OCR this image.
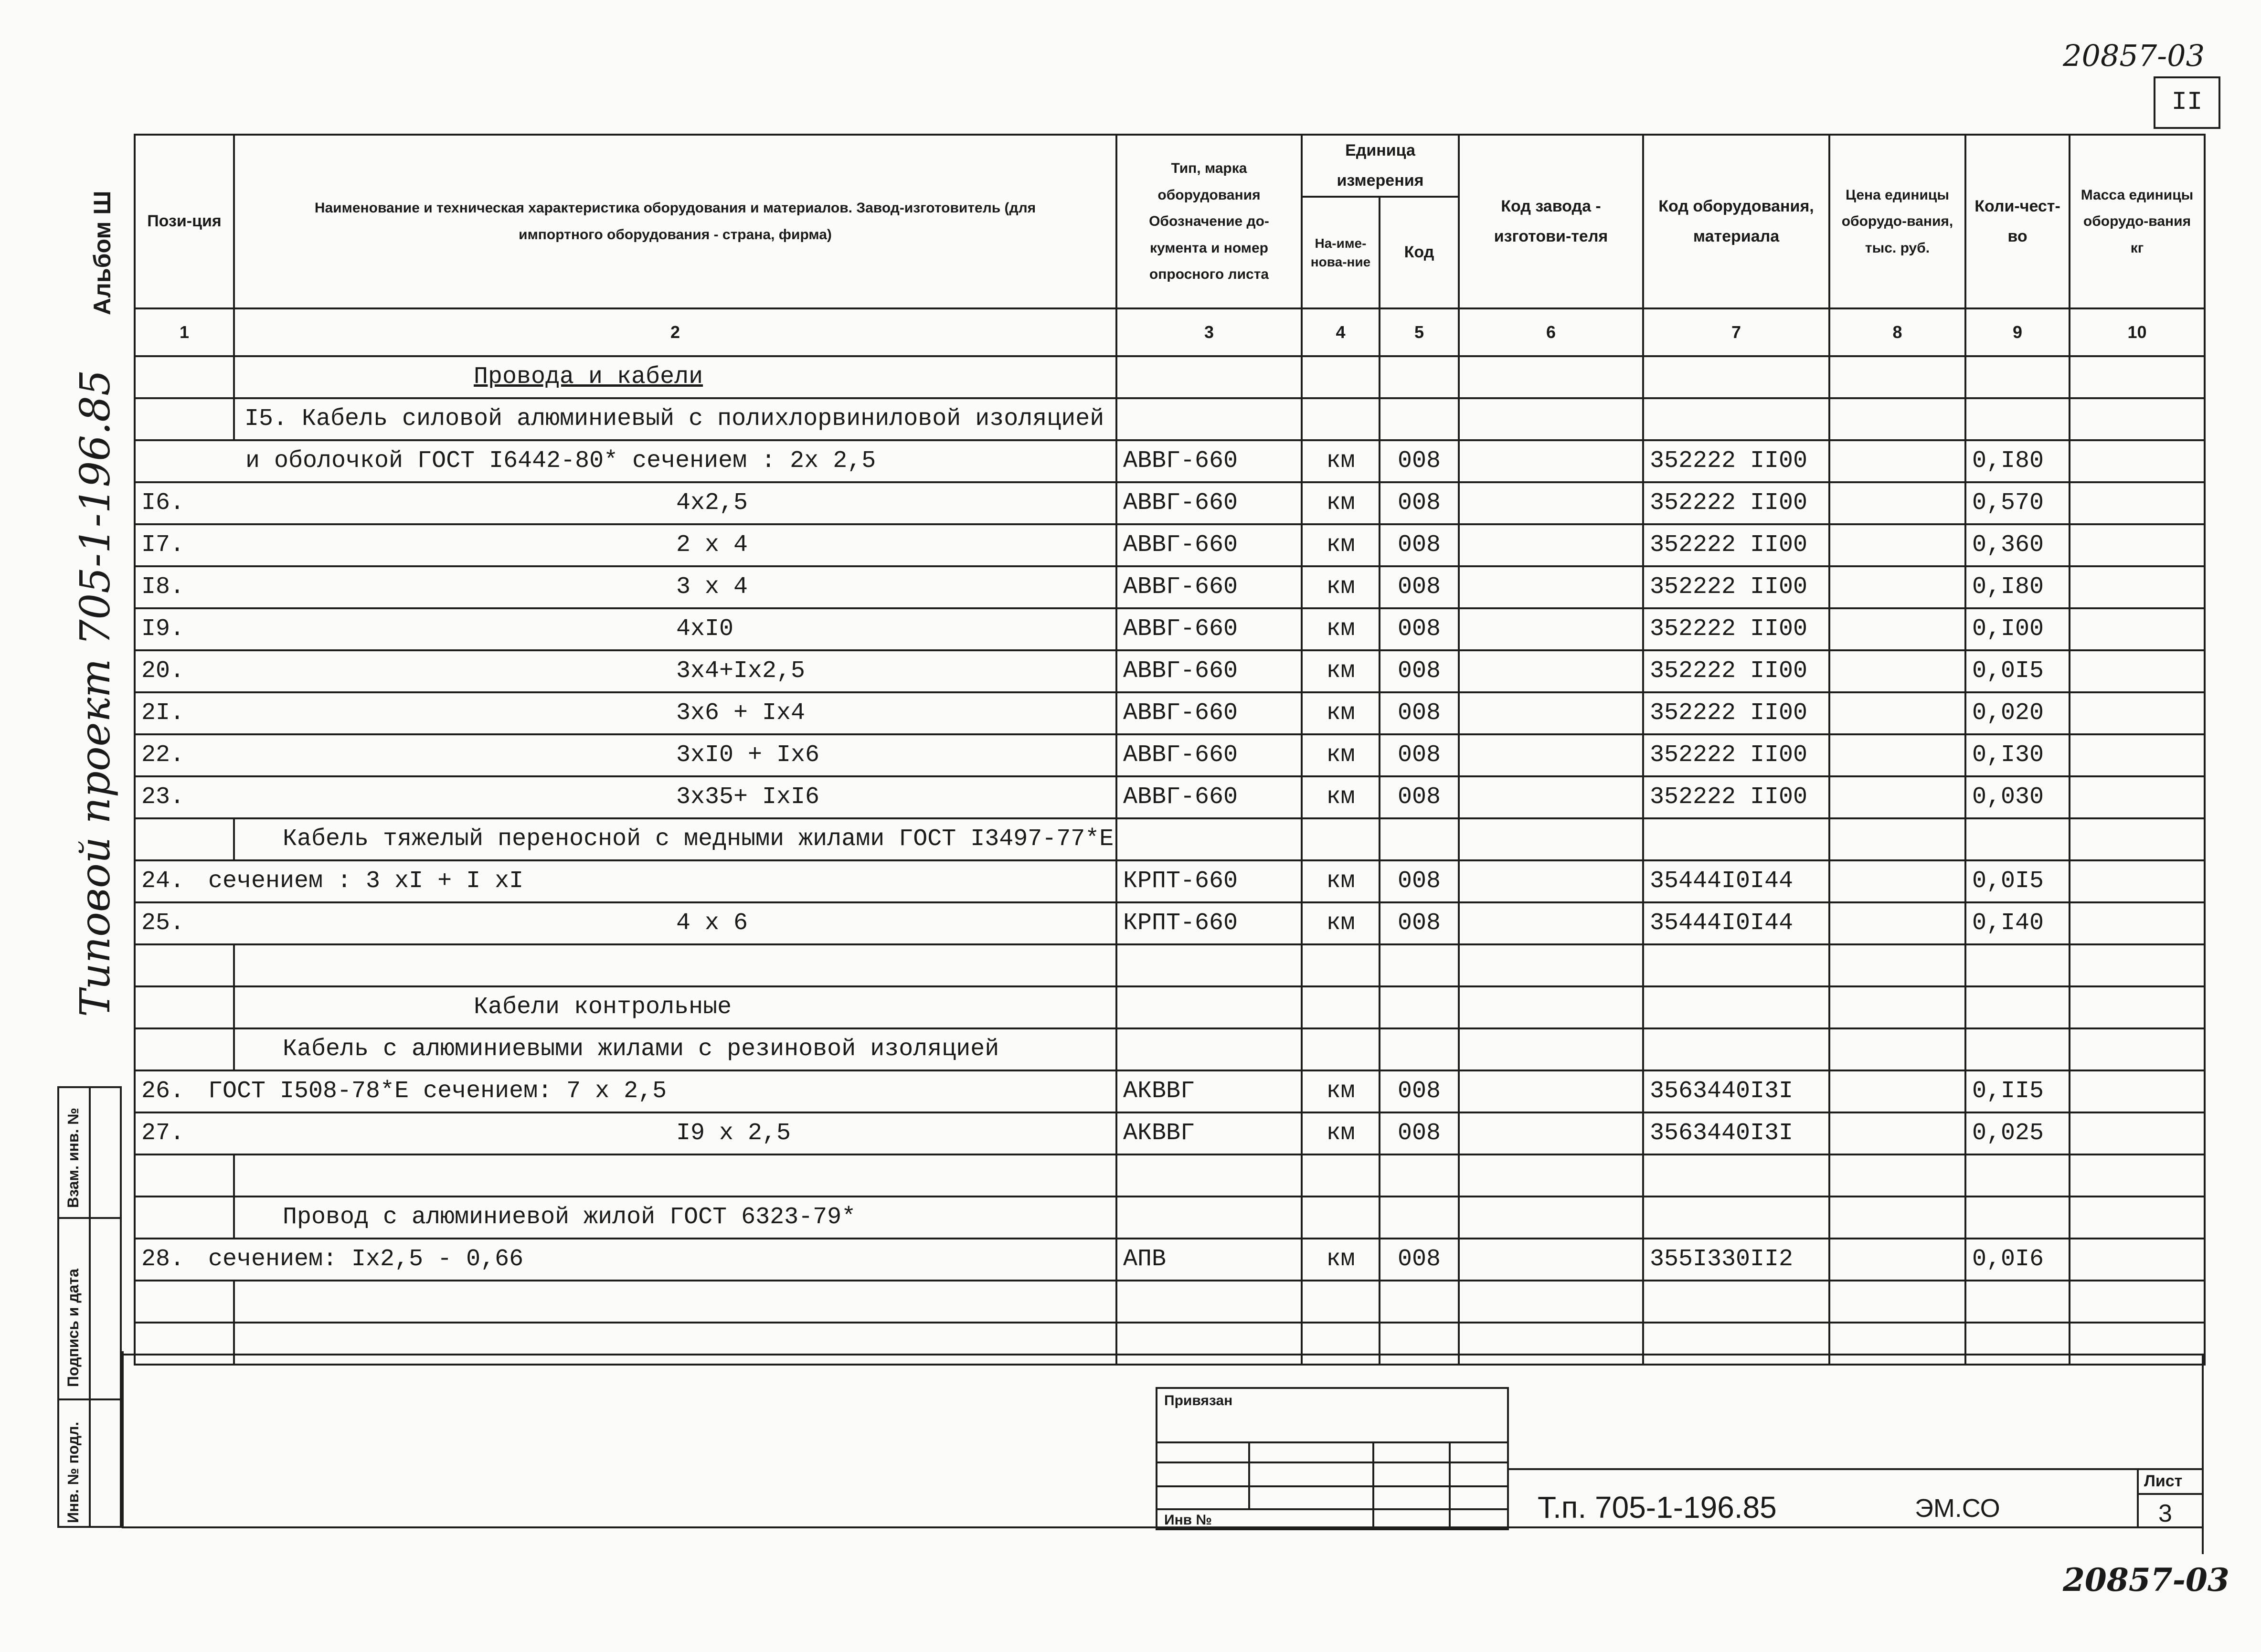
20857-03
20857-03
II
Альбом Ш
Типовой проект 705-1-196.85
Инв. № подл.
Подпись и дата
Взам. инв. №
Пози-ция	Наименование и техническая характеристика оборудования и материалов. Завод-изготовитель (для импортного оборудования - страна, фирма)	Тип, марка оборудования Обозначение до-кумента и номер опросного листа	Единица измерения		Код завода - изготови-теля	Код оборудования, материала	Цена единицы оборудо-вания, тыс. руб.	Коли-чест-во	Масса единицы оборудо-вания кг
			На-име-нова-ние	Код					
1	2	3	4	5	6	7	8	9	10
	Провода и кабели								
	I5. Кабель силовой алюминиевый с полихлорвиниловой изоляцией								
и оболочкой ГОСТ I6442-80* сечением : 2х 2,5		АВВГ-660	км	008		352222 II00		0,I80	
I6. 4х2,5		АВВГ-660	км	008		352222 II00		0,570	
I7. 2 х 4		АВВГ-660	км	008		352222 II00		0,360	
I8. 3 х 4		АВВГ-660	км	008		352222 II00		0,I80	
I9. 4хI0		АВВГ-660	км	008		352222 II00		0,I00	
20. 3х4+Iх2,5		АВВГ-660	км	008		352222 II00		0,0I5	
2I. 3х6 + Iх4		АВВГ-660	км	008		352222 II00		0,020	
22. 3хI0 + Iх6		АВВГ-660	км	008		352222 II00		0,I30	
23. 3х35+ IхI6		АВВГ-660	км	008		352222 II00		0,030	
	Кабель тяжелый переносной с медными жилами ГОСТ I3497-77*Е								
24. сечением : 3 хI + I хI		КРПТ-660	км	008		35444I0I44		0,0I5	
25. 4 х 6		КРПТ-660	км	008		35444I0I44		0,I40	

	Кабели контрольные								
	Кабель с алюминиевыми жилами с резиновой изоляцией								
26. ГОСТ I508-78*Е сечением: 7 х 2,5		АКВВГ	км	008		3563440I3I		0,II5	
27. I9 х 2,5		АКВВГ	км	008		3563440I3I		0,025	

	Провод с алюминиевой жилой ГОСТ 6323-79*								
28. сечением: Iх2,5 - 0,66		АПВ	км	008		355I330II2		0,0I6	

Привязан
Инв №	Т.п. 705-1-196.85	ЭМ.СО
Лист
3
